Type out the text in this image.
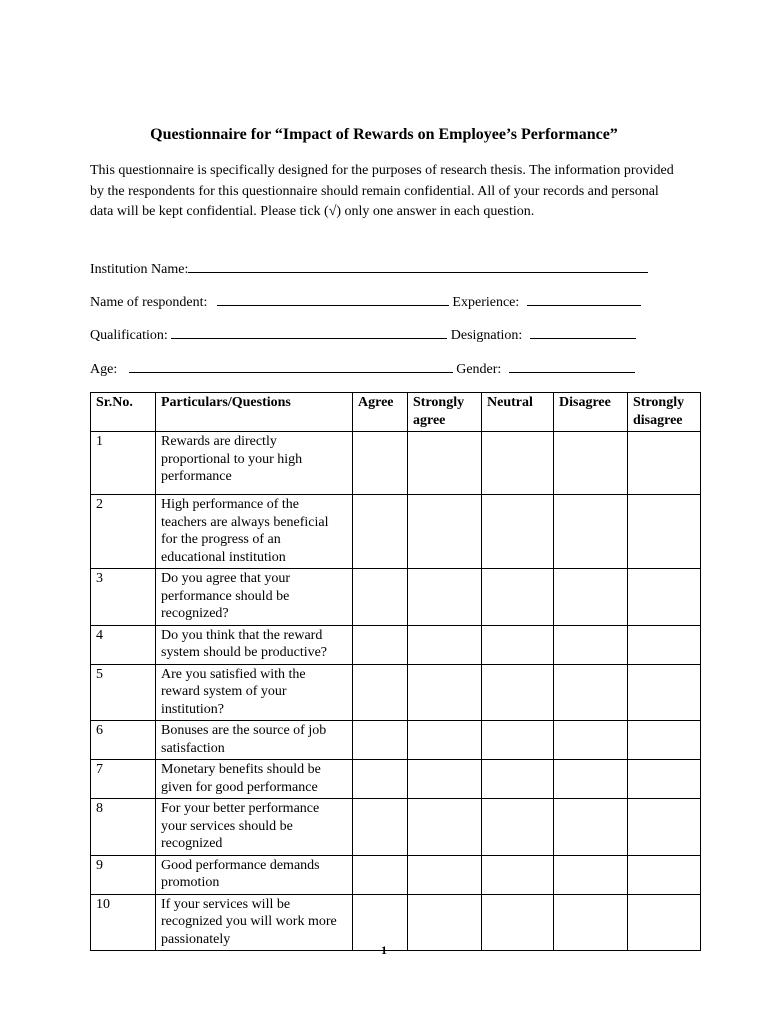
Questionnaire for “Impact of Rewards on Employee’s Performance”
This questionnaire is specifically designed for the purposes of research thesis. The information provided by the respondents for this questionnaire should remain confidential. All of your records and personal data will be kept confidential. Please tick (√) only one answer in each question.
Institution Name:
Name of respondent:	Experience:
Qualification:	Designation:
Age:	Gender:
Sr.No.	Particulars/Questions	Agree	Strongly agree	Neutral	Disagree	Strongly disagree
1	Rewards are directly proportional to your high performance					
2	High performance of the teachers are always beneficial for the progress of an educational institution					
3	Do you agree that your performance should be recognized?					
4	Do you think that the reward system should be productive?					
5	Are you satisfied with the reward system of your institution?					
6	Bonuses are the source of job satisfaction					
7	Monetary benefits should be given for good performance					
8	For your better performance your services should be recognized					
9	Good performance demands promotion					
10	If your services will be recognized you will work more passionately					
1
